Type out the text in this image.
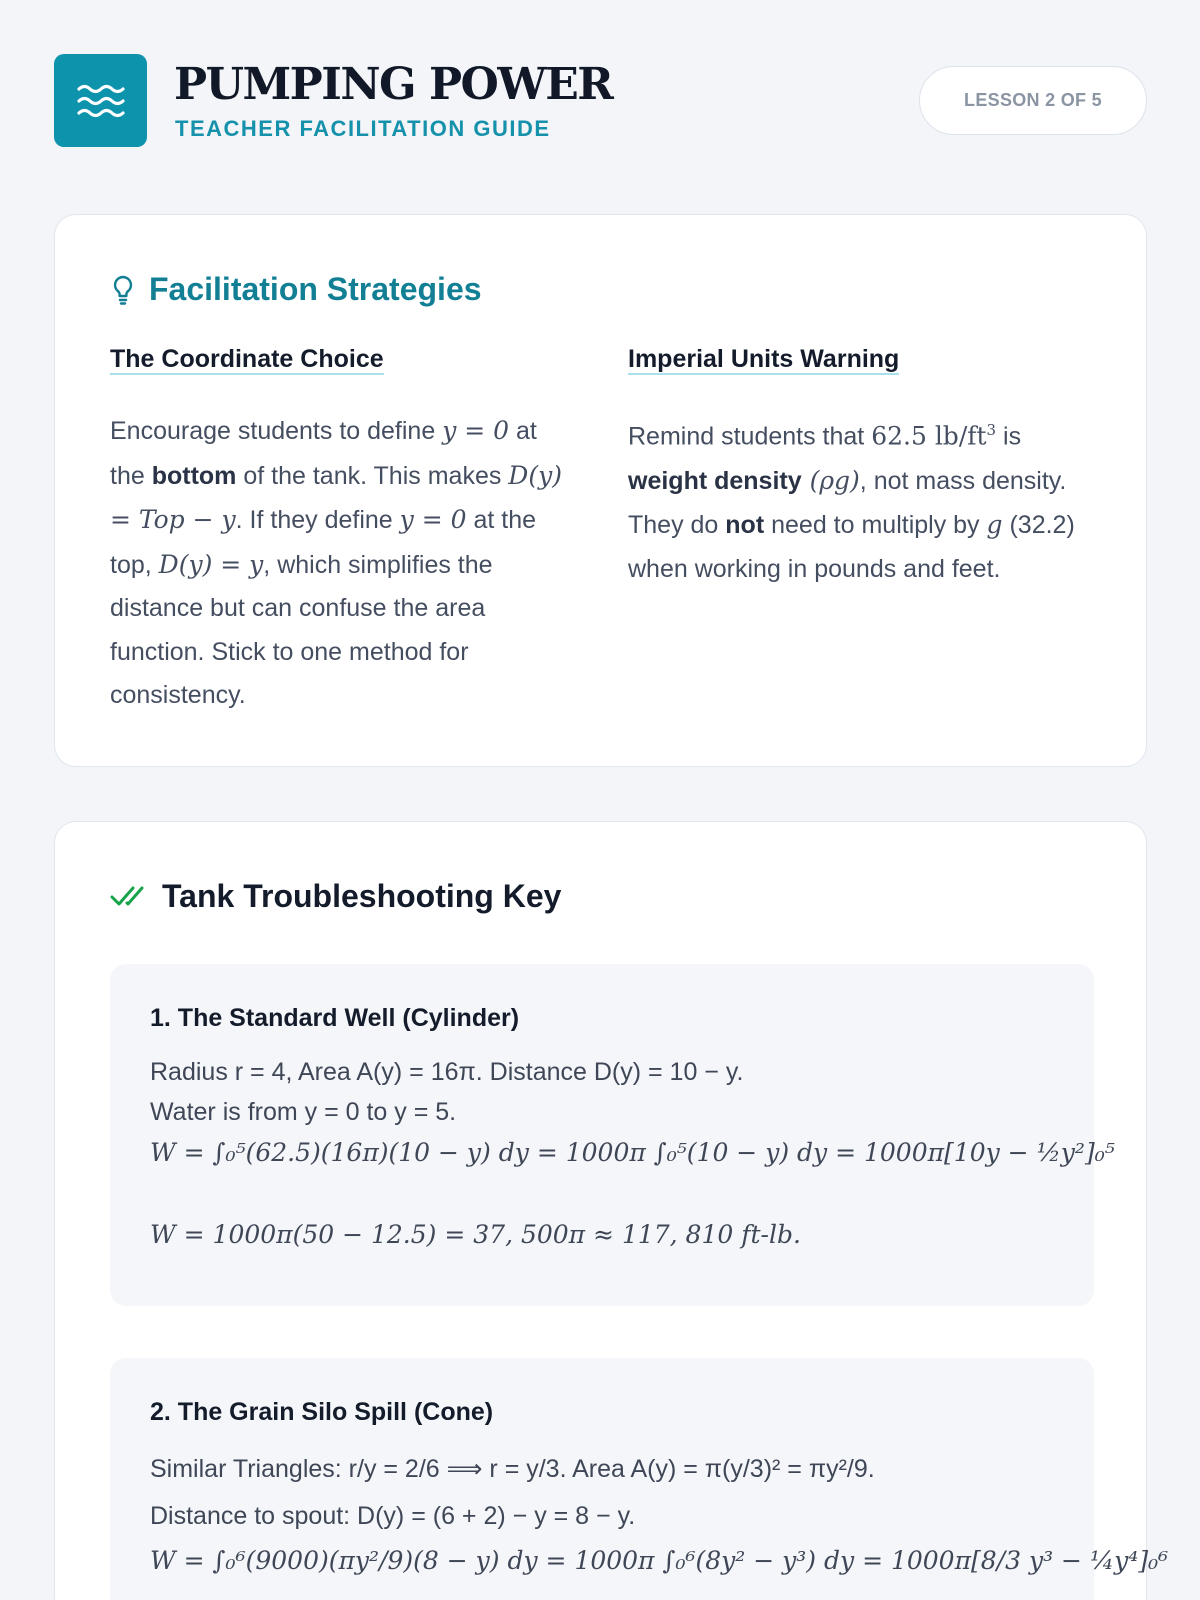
PUMPING POWER
TEACHER FACILITATION GUIDE
LESSON 2 OF 5
Facilitation Strategies
The Coordinate Choice
Encourage students to define y = 0 at the bottom of the tank. This makes D(y) = Top − y. If they define y = 0 at the top, D(y) = y, which simplifies the distance but can confuse the area function. Stick to one method for consistency.
Imperial Units Warning
Remind students that 62.5 $lb/ft^3$ is weight density (ρg), not mass density. They do not need to multiply by g (32.2) when working in pounds and feet.
Tank Troubleshooting Key
1. The Standard Well (Cylinder)
Radius r = 4, Area A(y) = 16π. Distance D(y) = 10 − y.
Water is from y = 0 to y = 5.
W = ∫₀⁵(62.5)(16π)(10 − y) dy = 1000π ∫₀⁵(10 − y) dy = 1000π[10y − ½y²]₀⁵
W = 1000π(50 − 12.5) = 37, 500π ≈ 117, 810 ft-lb.
2. The Grain Silo Spill (Cone)
Similar Triangles: r/y = 2/6 ⟹ r = y/3. Area A(y) = π(y/3)² = πy²/9.
Distance to spout: D(y) = (6 + 2) − y = 8 − y.
W = ∫₀⁶(9000)(πy²/9)(8 − y) dy = 1000π ∫₀⁶(8y² − y³) dy = 1000π[8/3 y³ − ¼y⁴]₀⁶
